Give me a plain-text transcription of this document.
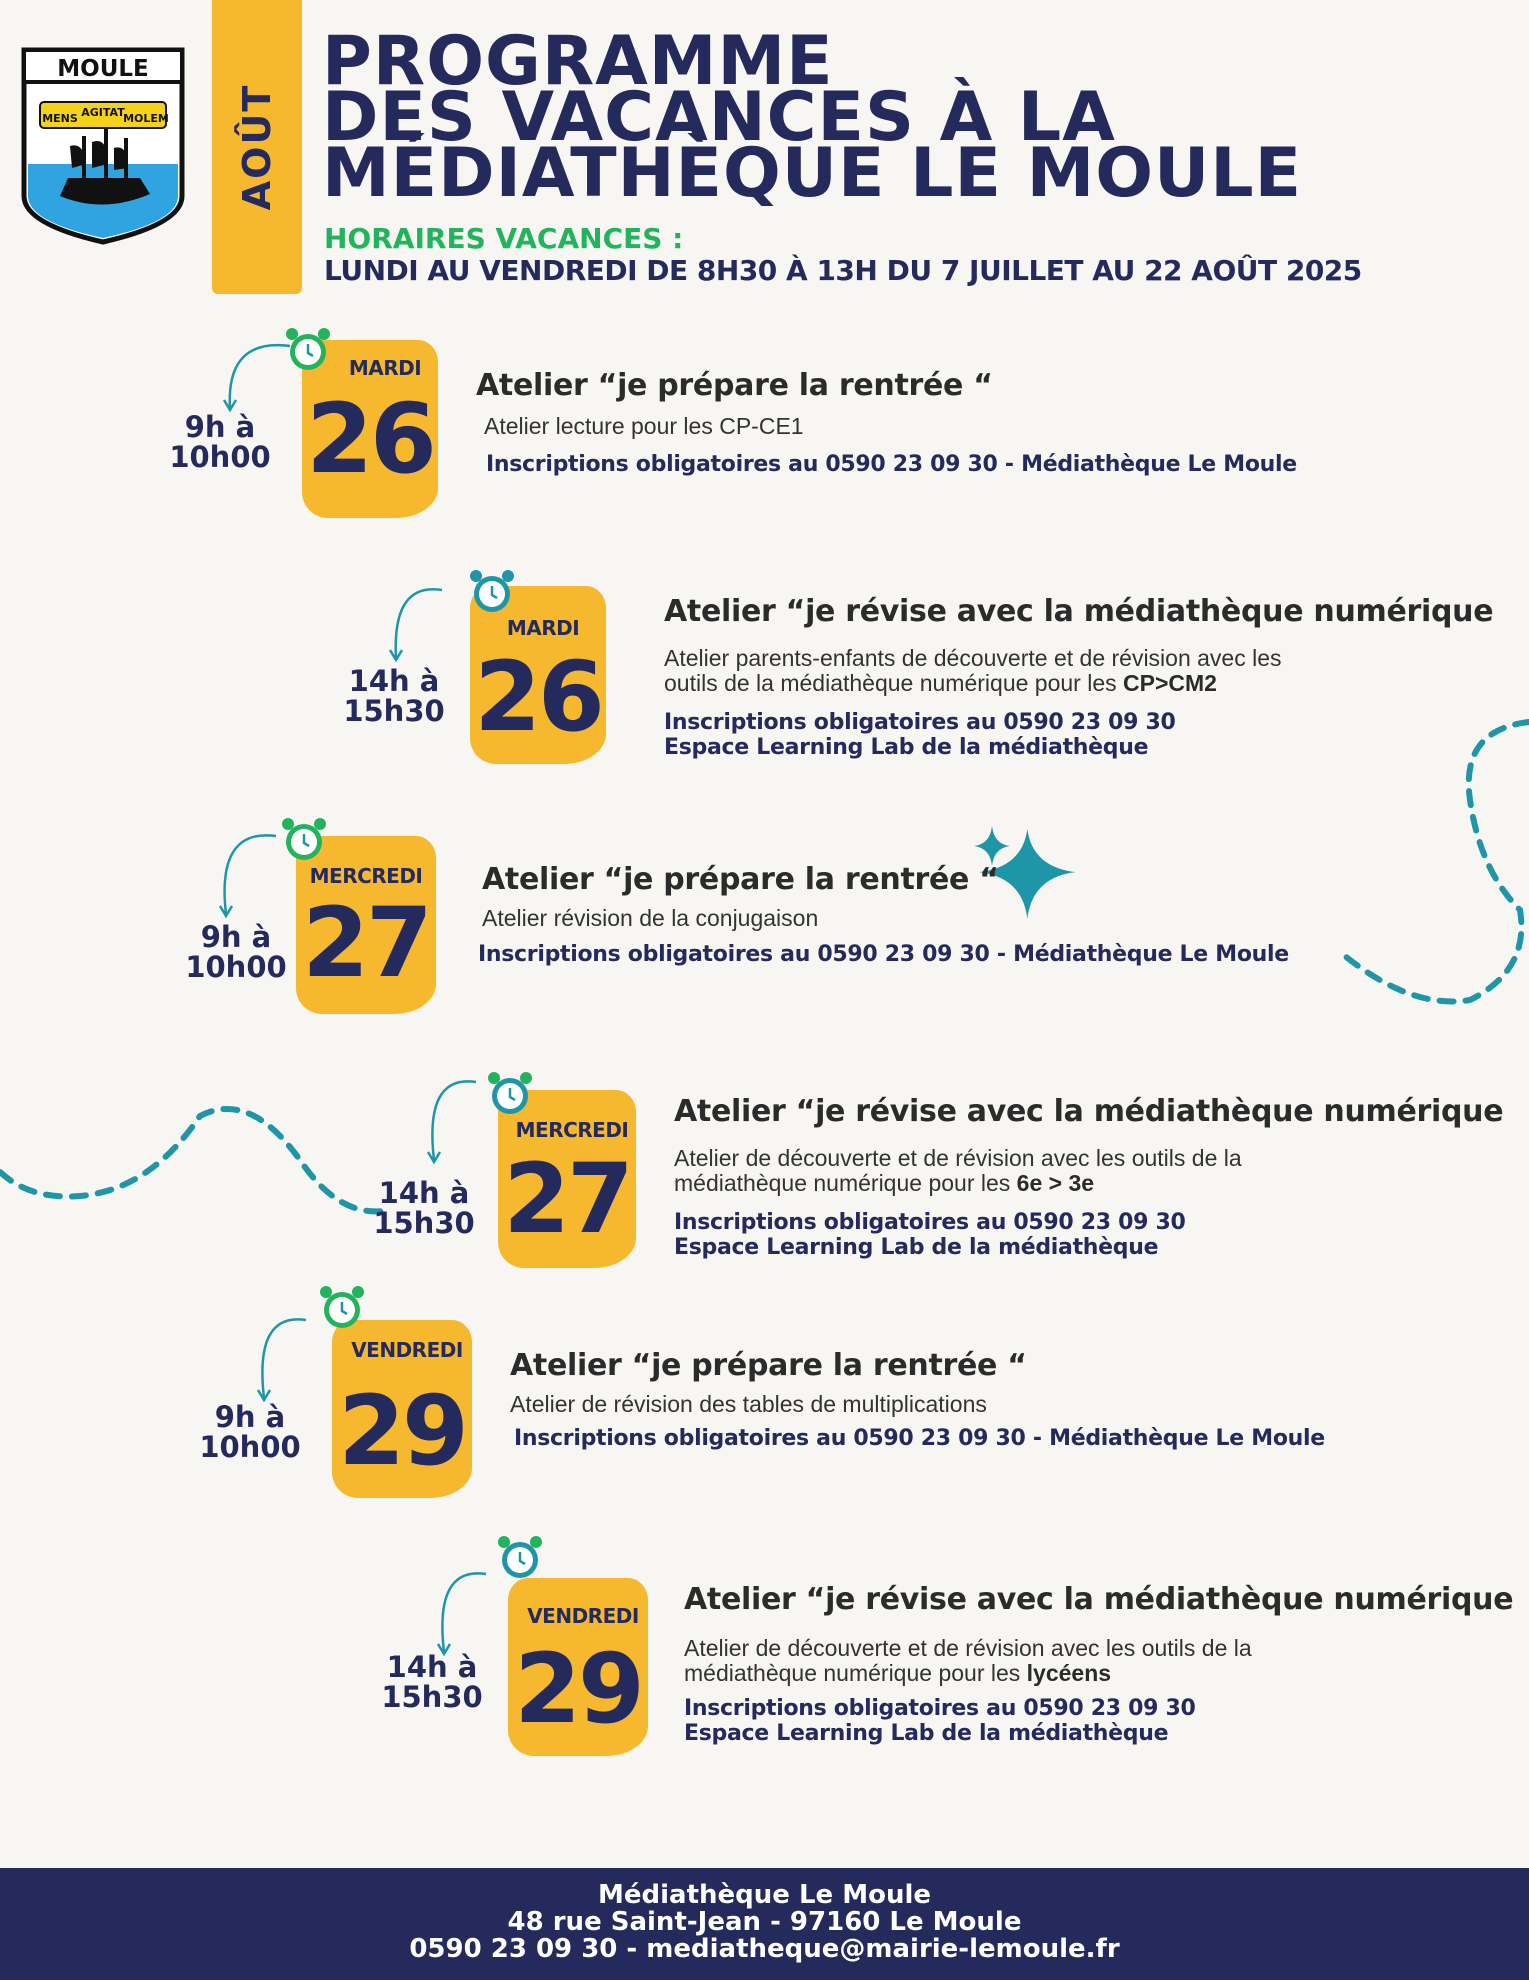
MOULE
MENS AGITAT
MOLEM AOÛT
PROGRAMME
DES VACANCES À LA
MÉDIATHÈQUE LE MOULE
HORAIRES VACANCES :
LUNDI AU VENDREDI DE 8H30 À 13H DU 7 JUILLET AU 22 AOÛT 2025
9h à
10h00
MARDI
26 Atelier “je prépare la rentrée “
Atelier lecture pour les CP-CE1
Inscriptions obligatoires au 0590 23 09 30 - Médiathèque Le Moule
14h à
15h30
MARDI
26
Atelier “je révise avec la médiathèque numérique
Atelier parents-enfants de découverte et de révision avec les
outils de la médiathèque numérique pour les CP>CM2
Inscriptions obligatoires au 0590 23 09 30
Espace Learning Lab de la médiathèque
9h à
10h00
MERCREDI
27
Atelier “je prépare la rentrée “
Atelier révision de la conjugaison
Inscriptions obligatoires au 0590 23 09 30 - Médiathèque Le Moule
14h à
15h30
MERCREDI
27
Atelier “je révise avec la médiathèque numérique
Atelier de découverte et de révision avec les outils de la
médiathèque numérique pour les 6e > 3e
Inscriptions obligatoires au 0590 23 09 30
Espace Learning Lab de la médiathèque
9h à
10h00
VENDREDI
29
Atelier “je prépare la rentrée “
Atelier de révision des tables de multiplications
Inscriptions obligatoires au 0590 23 09 30 - Médiathèque Le Moule
14h à
15h30
VENDREDI
29
Atelier “je révise avec la médiathèque numérique
Atelier de découverte et de révision avec les outils de la
médiathèque numérique pour les lycéens
Inscriptions obligatoires au 0590 23 09 30
Espace Learning Lab de la médiathèque
Médiathèque Le Moule
48 rue Saint-Jean - 97160 Le Moule
0590 23 09 30 - mediatheque@mairie-lemoule.fr
